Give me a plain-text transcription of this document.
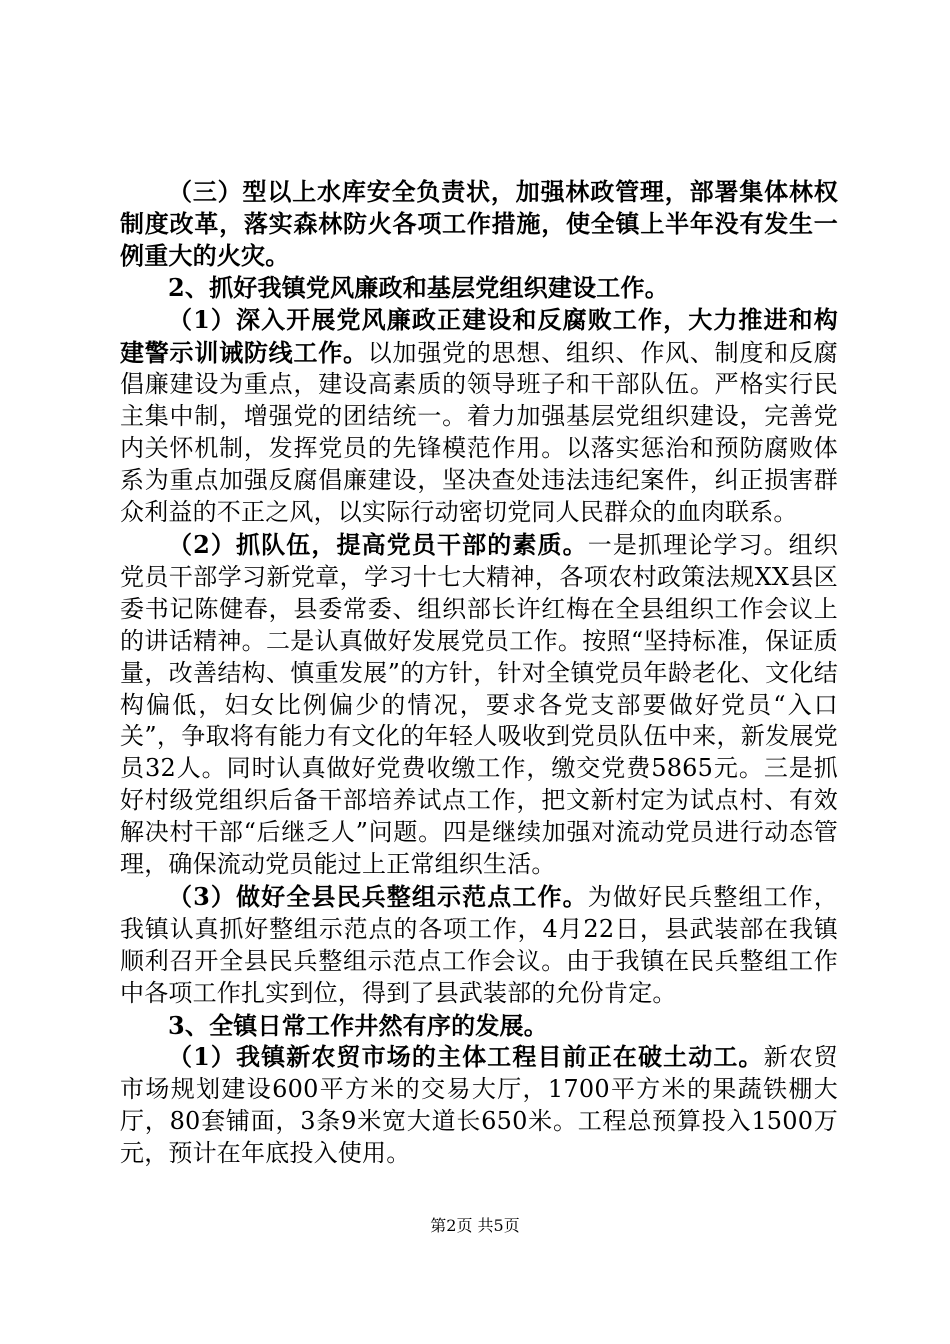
（三）型以上水库安全负责状，加强林政管理，部署集体林权制度改革，落实森林防火各项工作措施，使全镇上半年没有发生一例重大的火灾。

2、抓好我镇党风廉政和基层党组织建设工作。

（1）深入开展党风廉政正建设和反腐败工作，大力推进和构建警示训诫防线工作。以加强党的思想、组织、作风、制度和反腐倡廉建设为重点，建设高素质的领导班子和干部队伍。严格实行民主集中制，增强党的团结统一。着力加强基层党组织建设，完善党内关怀机制，发挥党员的先锋模范作用。以落实惩治和预防腐败体系为重点加强反腐倡廉建设，坚决查处违法违纪案件，纠正损害群众利益的不正之风，以实际行动密切党同人民群众的血肉联系。

（2）抓队伍，提高党员干部的素质。一是抓理论学习。组织党员干部学习新党章，学习十七大精神，各项农村政策法规XX县区委书记陈健春，县委常委、组织部长许红梅在全县组织工作会议上的讲话精神。二是认真做好发展党员工作。按照“坚持标准，保证质量，改善结构、慎重发展”的方针，针对全镇党员年龄老化、文化结构偏低，妇女比例偏少的情况，要求各党支部要做好党员“入口关”，争取将有能力有文化的年轻人吸收到党员队伍中来，新发展党员32人。同时认真做好党费收缴工作，缴交党费5865元。三是抓好村级党组织后备干部培养试点工作，把文新村定为试点村、有效解决村干部“后继乏人”问题。四是继续加强对流动党员进行动态管理，确保流动党员能过上正常组织生活。

（3）做好全县民兵整组示范点工作。为做好民兵整组工作，我镇认真抓好整组示范点的各项工作，4月22日，县武装部在我镇顺利召开全县民兵整组示范点工作会议。由于我镇在民兵整组工作中各项工作扎实到位，得到了县武装部的允份肯定。

3、全镇日常工作井然有序的发展。

（1）我镇新农贸市场的主体工程目前正在破土动工。新农贸市场规划建设600平方米的交易大厅，1700平方米的果蔬铁棚大厅，80套铺面，3条9米宽大道长650米。工程总预算投入1500万元，预计在年底投入使用。

第2页 共5页
